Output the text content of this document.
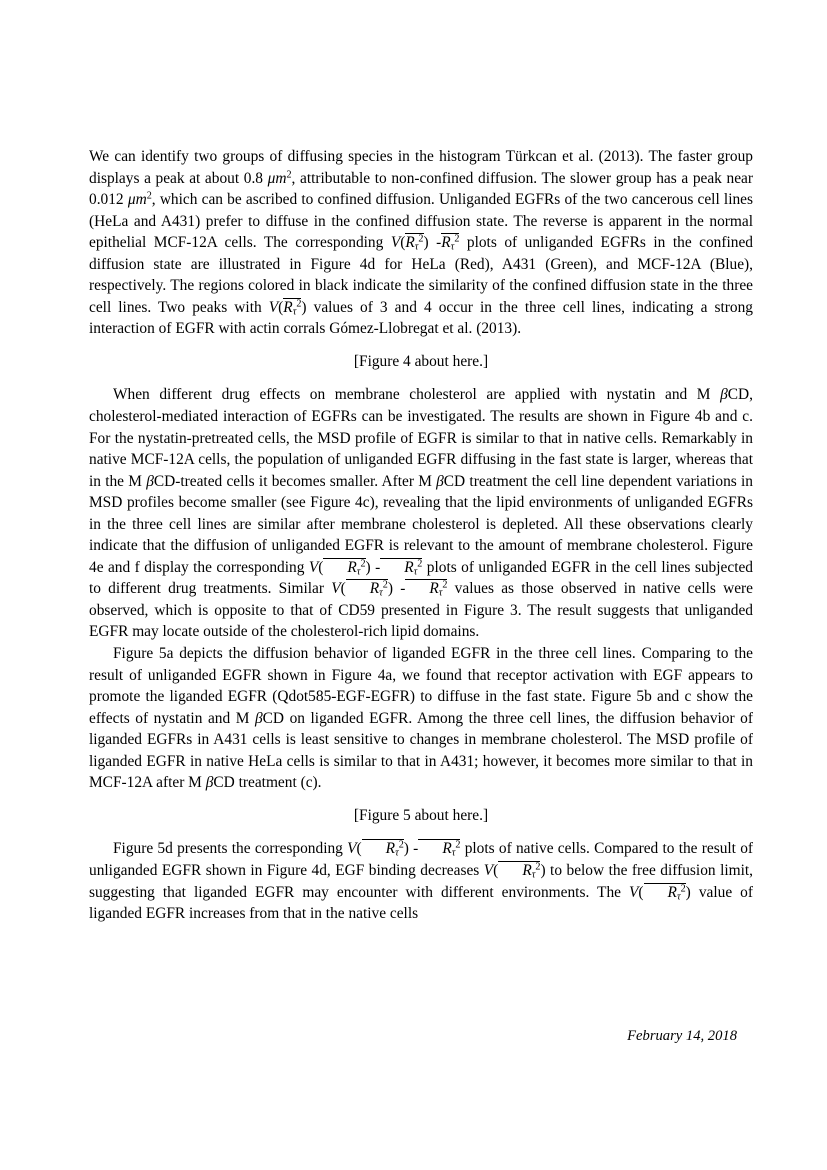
We can identify two groups of diffusing species in the histogram Türkcan et al. (2013). The faster group displays a peak at about 0.8 $\mu m^2$, attributable to non-confined diffusion. The slower group has a peak near 0.012 $\mu m^2$, which can be ascribed to confined diffusion. Unliganded EGFRs of the two cancerous cell lines (HeLa and A431) prefer to diffuse in the confined diffusion state. The reverse is apparent in the normal epithelial MCF-12A cells. The corresponding $V(R_\tau^2)$ $-R_\tau^2$ plots of unliganded EGFRs in the confined diffusion state are illustrated in Figure 4d for HeLa (Red), A431 (Green), and MCF-12A (Blue), respectively. The regions colored in black indicate the similarity of the confined diffusion state in the three cell lines. Two peaks with $V(R_\tau^2)$ values of 3 and 4 occur in the three cell lines, indicating a strong interaction of EGFR with actin corrals Gómez-Llobregat et al. (2013).

[Figure 4 about here.]

When different drug effects on membrane cholesterol are applied with nystatin and M βCD, cholesterol-mediated interaction of EGFRs can be investigated. The results are shown in Figure 4b and c. For the nystatin-pretreated cells, the MSD profile of EGFR is similar to that in native cells. Remarkably in native MCF-12A cells, the population of unliganded EGFR diffusing in the fast state is larger, whereas that in the M βCD-treated cells it becomes smaller. After M βCD treatment the cell line dependent variations in MSD profiles become smaller (see Figure 4c), revealing that the lipid environments of unliganded EGFRs in the three cell lines are similar after membrane cholesterol is depleted. All these observations clearly indicate that the diffusion of unliganded EGFR is relevant to the amount of membrane cholesterol. Figure 4e and f display the corresponding V( $R_\tau^2) - R_\tau^2$ plots of unliganded EGFR in the cell lines subjected to different drug treatments. Similar V( $R_\tau^2) - R_\tau^2$ values as those observed in native cells were observed, which is opposite to that of CD59 presented in Figure 3. The result suggests that unliganded EGFR may locate outside of the cholesterol-rich lipid domains.

Figure 5a depicts the diffusion behavior of liganded EGFR in the three cell lines. Comparing to the result of unliganded EGFR shown in Figure 4a, we found that receptor activation with EGF appears to promote the liganded EGFR (Qdot585-EGF-EGFR) to diffuse in the fast state. Figure 5b and c show the effects of nystatin and M βCD on liganded EGFR. Among the three cell lines, the diffusion behavior of liganded EGFRs in A431 cells is least sensitive to changes in membrane cholesterol. The MSD profile of liganded EGFR in native HeLa cells is similar to that in A431; however, it becomes more similar to that in MCF-12A after M βCD treatment (c).

[Figure 5 about here.]

Figure 5d presents the corresponding V( $R_\tau^2) - R_\tau^2$ plots of native cells. Compared to the result of unliganded EGFR shown in Figure 4d, EGF binding decreases V( $R_\tau^2$) to below the free diffusion limit, suggesting that liganded EGFR may encounter with different environments. The V( $R_\tau^2$) value of liganded EGFR increases from that in the native cells

February 14, 2018
